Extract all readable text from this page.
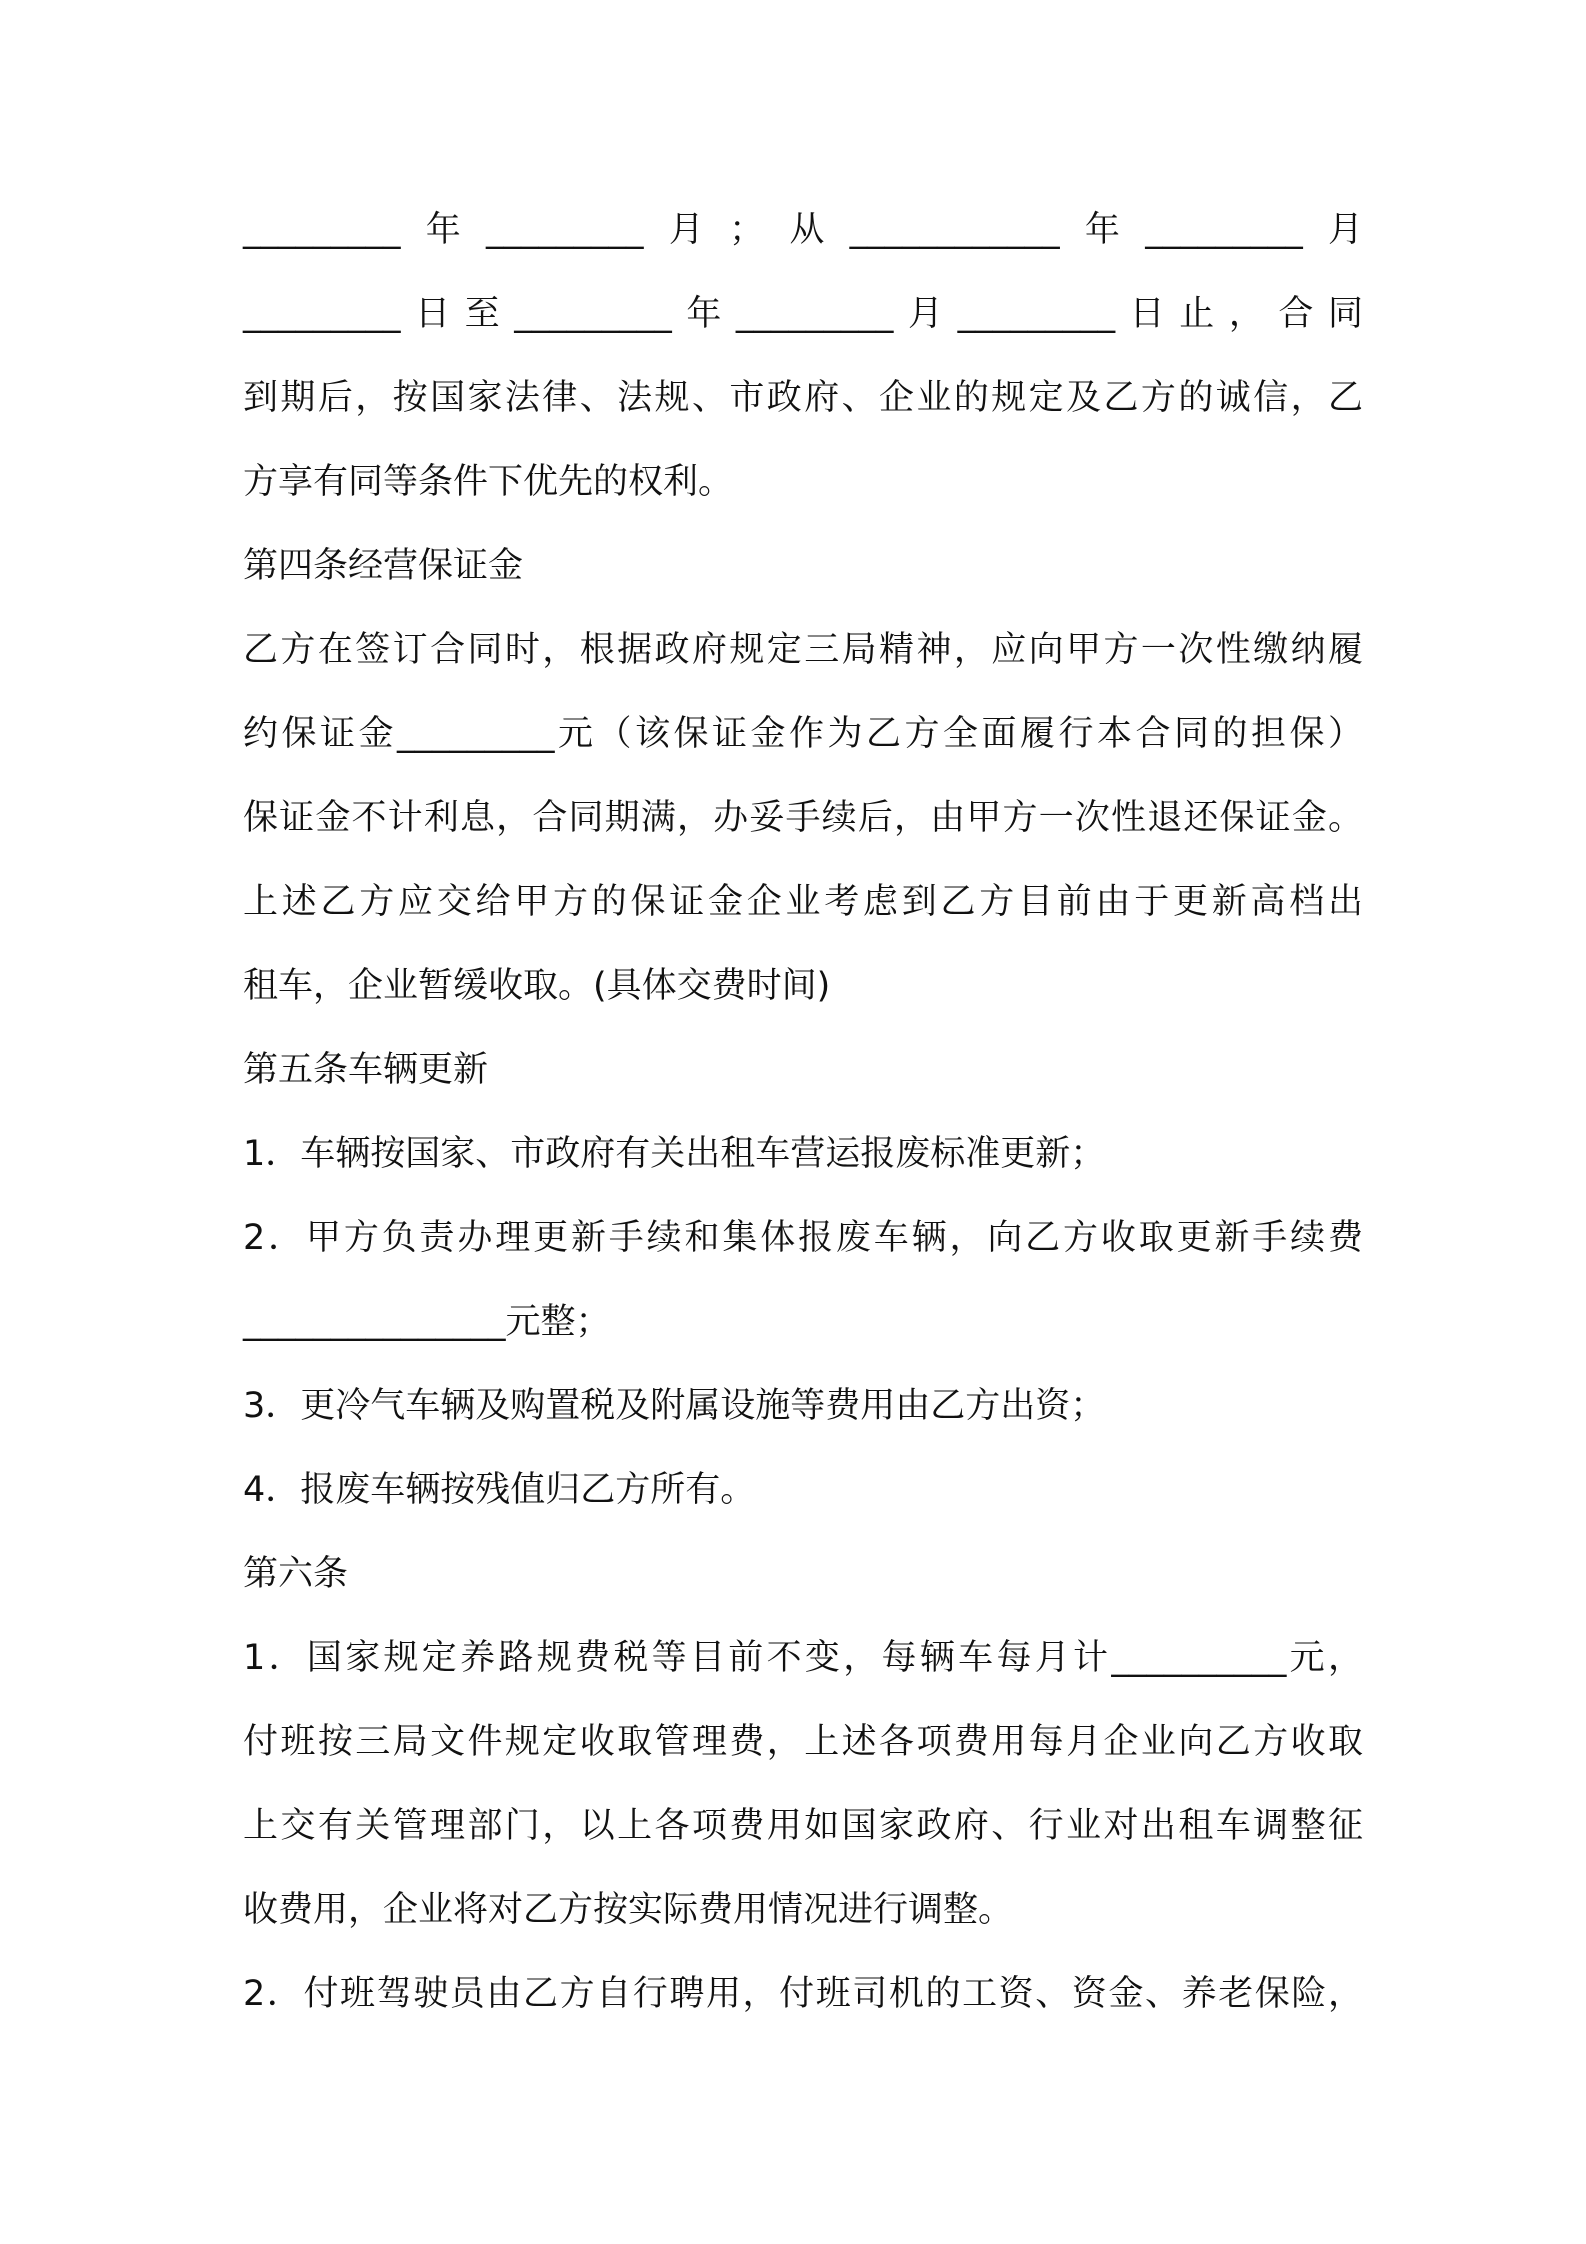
_________年_________月；从____________年_________月
_________日至_________年_________月_________日止，合同
到期后，按国家法律、法规、市政府、企业的规定及乙方的诚信，乙
方享有同等条件下优先的权利。
第四条经营保证金
乙方在签订合同时，根据政府规定三局精神，应向甲方一次性缴纳履
约保证金_________元（该保证金作为乙方全面履行本合同的担保）
保证金不计利息，合同期满，办妥手续后，由甲方一次性退还保证金。
上述乙方应交给甲方的保证金企业考虑到乙方目前由于更新高档出
租车，企业暂缓收取。(具体交费时间)
第五条车辆更新
1．车辆按国家、市政府有关出租车营运报废标准更新；
2．甲方负责办理更新手续和集体报废车辆，向乙方收取更新手续费
_______________元整；
3．更冷气车辆及购置税及附属设施等费用由乙方出资；
4．报废车辆按残值归乙方所有。
第六条
1．国家规定养路规费税等目前不变，每辆车每月计__________元，
付班按三局文件规定收取管理费，上述各项费用每月企业向乙方收取
上交有关管理部门，以上各项费用如国家政府、行业对出租车调整征
收费用，企业将对乙方按实际费用情况进行调整。
2．付班驾驶员由乙方自行聘用，付班司机的工资、资金、养老保险，
